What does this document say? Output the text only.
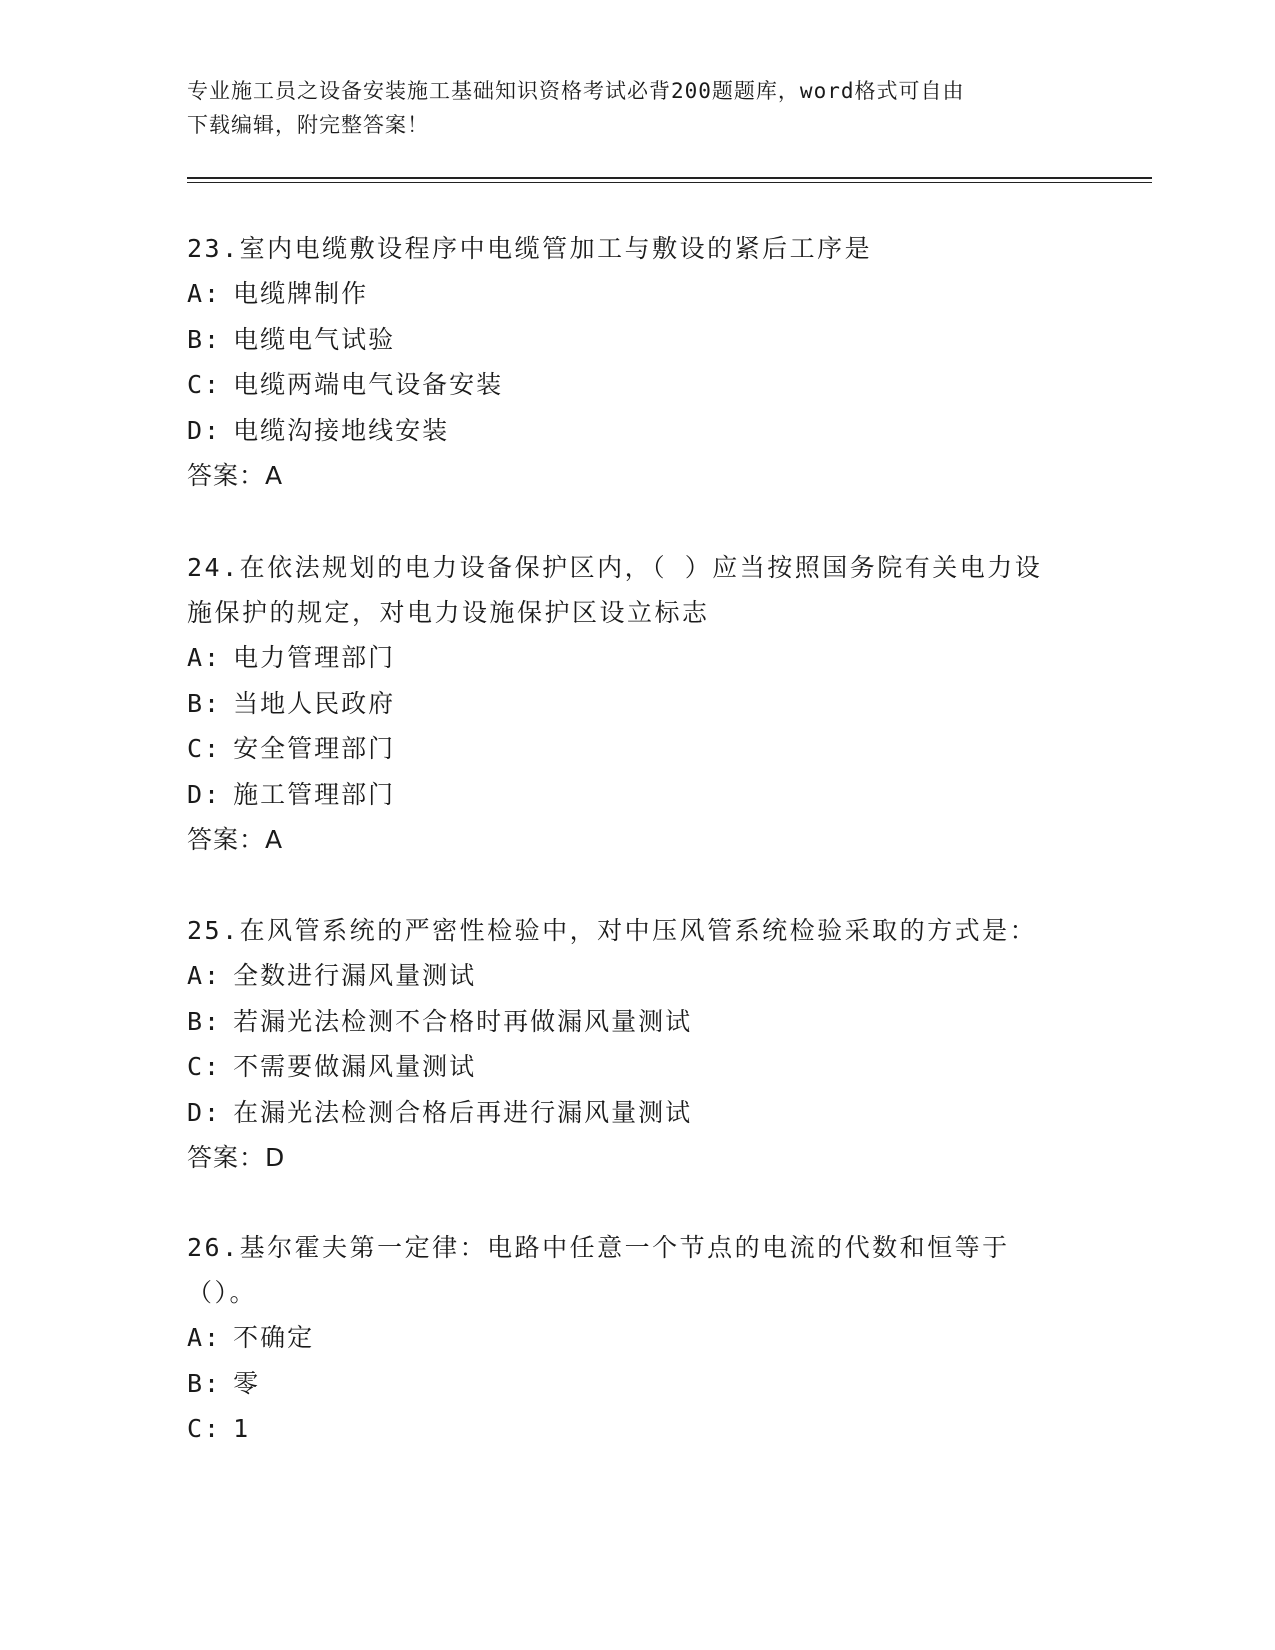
专业施工员之设备安装施工基础知识资格考试必背200题题库，word格式可自由
下载编辑，附完整答案！
23.室内电缆敷设程序中电缆管加工与敷设的紧后工序是
A: 电缆牌制作
B: 电缆电气试验
C: 电缆两端电气设备安装
D: 电缆沟接地线安装
答案：A
24.在依法规划的电力设备保护区内，（ ）应当按照国务院有关电力设施保护的规定，对电力设施保护区设立标志
A: 电力管理部门
B: 当地人民政府
C: 安全管理部门
D: 施工管理部门
答案：A
25.在风管系统的严密性检验中，对中压风管系统检验采取的方式是：
A: 全数进行漏风量测试
B: 若漏光法检测不合格时再做漏风量测试
C: 不需要做漏风量测试
D: 在漏光法检测合格后再进行漏风量测试
答案：D
26.基尔霍夫第一定律：电路中任意一个节点的电流的代数和恒等于（）。
A: 不确定
B: 零
C: 1
